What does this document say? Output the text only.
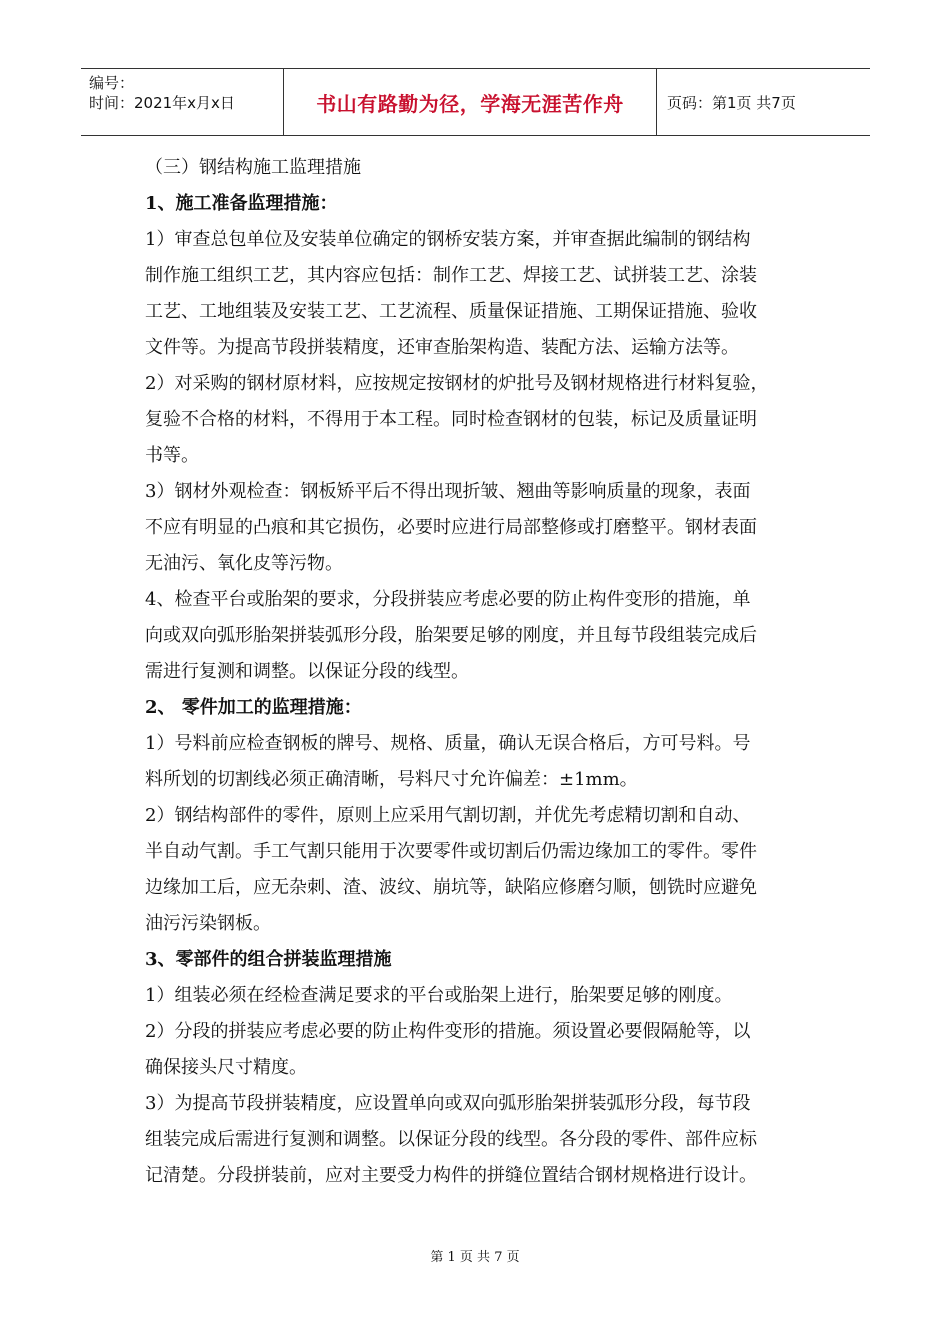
编号：
时间：2021年x月x日	书山有路勤为径，学海无涯苦作舟	页码：第1页 共7页
（三）钢结构施工监理措施
1、施工准备监理措施：
1）审查总包单位及安装单位确定的钢桥安装方案，并审查据此编制的钢结构
制作施工组织工艺，其内容应包括：制作工艺、焊接工艺、试拼装工艺、涂装
工艺、工地组装及安装工艺、工艺流程、质量保证措施、工期保证措施、验收
文件等。为提高节段拼装精度，还审查胎架构造、装配方法、运输方法等。
2）对采购的钢材原材料，应按规定按钢材的炉批号及钢材规格进行材料复验，
复验不合格的材料，不得用于本工程。同时检查钢材的包装，标记及质量证明
书等。
3）钢材外观检查：钢板矫平后不得出现折皱、翘曲等影响质量的现象，表面
不应有明显的凸痕和其它损伤，必要时应进行局部整修或打磨整平。钢材表面
无油污、氧化皮等污物。
4、检查平台或胎架的要求，分段拼装应考虑必要的防止构件变形的措施，单
向或双向弧形胎架拼装弧形分段，胎架要足够的刚度，并且每节段组装完成后
需进行复测和调整。以保证分段的线型。
2、 零件加工的监理措施：
1）号料前应检查钢板的牌号、规格、质量，确认无误合格后，方可号料。号
料所划的切割线必须正确清晰，号料尺寸允许偏差：±1mm。
2）钢结构部件的零件，原则上应采用气割切割，并优先考虑精切割和自动、
半自动气割。手工气割只能用于次要零件或切割后仍需边缘加工的零件。零件
边缘加工后，应无杂刺、渣、波纹、崩坑等，缺陷应修磨匀顺，刨铣时应避免
油污污染钢板。
3、零部件的组合拼装监理措施
1）组装必须在经检查满足要求的平台或胎架上进行，胎架要足够的刚度。
2）分段的拼装应考虑必要的防止构件变形的措施。须设置必要假隔舱等，以
确保接头尺寸精度。
3）为提高节段拼装精度，应设置单向或双向弧形胎架拼装弧形分段，每节段
组装完成后需进行复测和调整。以保证分段的线型。各分段的零件、部件应标
记清楚。分段拼装前，应对主要受力构件的拼缝位置结合钢材规格进行设计。
第 1 页 共 7 页
